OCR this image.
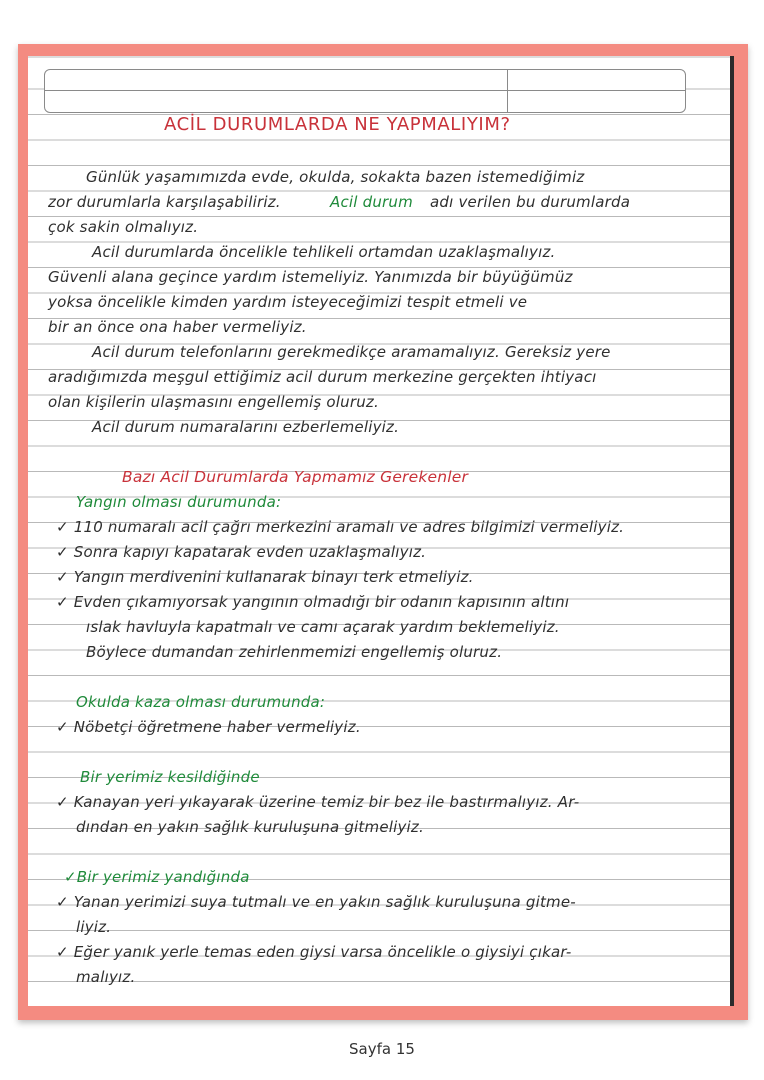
ACİL DURUMLARDA NE YAPMALIYIM?

Günlük yaşamımızda evde, okulda, sokakta bazen istemediğimiz

zor durumlarla karşılaşabiliriz.	Acil durum adı verilen bu durumlarda

çok sakin olmalıyız.

Acil durumlarda öncelikle tehlikeli ortamdan uzaklaşmalıyız.

Güvenli alana geçince yardım istemeliyiz. Yanımızda bir büyüğümüz

yoksa öncelikle kimden yardım isteyeceğimizi tespit etmeli ve

bir an önce ona haber vermeliyiz.

Acil durum telefonlarını gerekmedikçe aramamalıyız. Gereksiz yere

aradığımızda meşgul ettiğimiz acil durum merkezine gerçekten ihtiyacı

olan kişilerin ulaşmasını engellemiş oluruz.

Acil durum numaralarını ezberlemeliyiz.

Bazı Acil Durumlarda Yapmamız Gerekenler

Yangın olması durumunda:

✓ 110 numaralı acil çağrı merkezini aramalı ve adres bilgimizi vermeliyiz.

✓ Sonra kapıyı kapatarak evden uzaklaşmalıyız.

✓ Yangın merdivenini kullanarak binayı terk etmeliyiz.

✓ Evden çıkamıyorsak yangının olmadığı bir odanın kapısının altını

ıslak havluyla kapatmalı ve camı açarak yardım beklemeliyiz.

Böylece dumandan zehirlenmemizi engellemiş oluruz.

Okulda kaza olması durumunda:

✓ Nöbetçi öğretmene haber vermeliyiz.

Bir yerimiz kesildiğinde

✓ Kanayan yeri yıkayarak üzerine temiz bir bez ile bastırmalıyız. Ar-

dından en yakın sağlık kuruluşuna gitmeliyiz.

✓Bir yerimiz yandığında

✓ Yanan yerimizi suya tutmalı ve en yakın sağlık kuruluşuna gitme-

liyiz.

✓ Eğer yanık yerle temas eden giysi varsa öncelikle o giysiyi çıkar-

malıyız.

Sayfa 15
